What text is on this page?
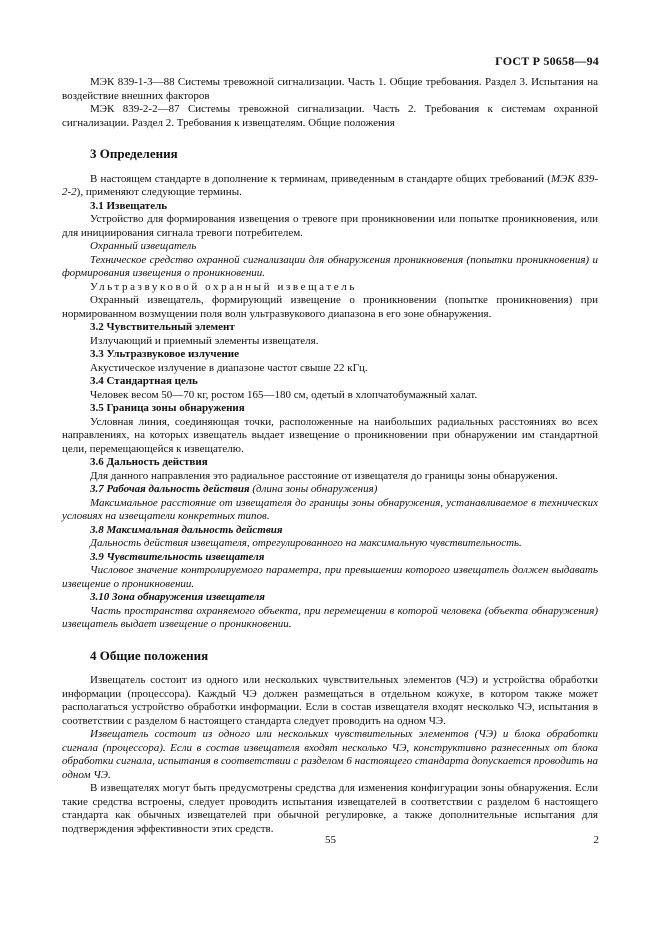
ГОСТ Р 50658—94

МЭК 839-1-3—88 Системы тревожной сигнализации. Часть 1. Общие требования. Раздел 3. Испытания на воздействие внешних факторов

МЭК 839-2-2—87 Системы тревожной сигнализации. Часть 2. Требования к системам охранной сигнализации. Раздел 2. Требования к извещателям. Общие положения

3 Определения

В настоящем стандарте в дополнение к терминам, приведенным в стандарте общих требований (МЭК 839-2-2), применяют следующие термины.

3.1 Извещатель

Устройство для формирования извещения о тревоге при проникновении или попытке проникновения, или для инициирования сигнала тревоги потребителем.

Охранный извещатель

Техническое средство охранной сигнализации для обнаружения проникновения (попытки проникновения) и формирования извещения о проникновении.

Ультразвуковой охранный извещатель

Охранный извещатель, формирующий извещение о проникновении (попытке проникновения) при нормированном возмущении поля волн ультразвукового диапазона в его зоне обнаружения.

3.2 Чувствительный элемент

Излучающий и приемный элементы извещателя.

3.3 Ультразвуковое излучение

Акустическое излучение в диапазоне частот свыше 22 кГц.

3.4 Стандартная цель

Человек весом 50—70 кг, ростом 165—180 см, одетый в хлопчатобумажный халат.

3.5 Граница зоны обнаружения

Условная линия, соединяющая точки, расположенные на наибольших радиальных расстояниях во всех направлениях, на которых извещатель выдает извещение о проникновении при обнаружении им стандартной цели, перемещающейся к извещателю.

3.6 Дальность действия

Для данного направления это радиальное расстояние от извещателя до границы зоны обнаружения.

3.7 Рабочая дальность действия (длина зоны обнаружения)

Максимальное расстояние от извещателя до границы зоны обнаружения, устанавливаемое в технических условиях на извещатели конкретных типов.

3.8 Максимальная дальность действия

Дальность действия извещателя, отрегулированного на максимальную чувствительность.

3.9 Чувствительность извещателя

Числовое значение контролируемого параметра, при превышении которого извещатель должен выдавать извещение о проникновении.

3.10 Зона обнаружения извещателя

Часть пространства охраняемого объекта, при перемещении в которой человека (объекта обнаружения) извещатель выдает извещение о проникновении.

4 Общие положения

Извещатель состоит из одного или нескольких чувствительных элементов (ЧЭ) и устройства обработки информации (процессора). Каждый ЧЭ должен размещаться в отдельном кожухе, в котором также может располагаться устройство обработки информации. Если в состав извещателя входят несколько ЧЭ, испытания в соответствии с разделом 6 настоящего стандарта следует проводить на одном ЧЭ.

Извещатель состоит из одного или нескольких чувствительных элементов (ЧЭ) и блока обработки сигнала (процессора). Если в состав извещателя входят несколько ЧЭ, конструктивно разнесенных от блока обработки сигнала, испытания в соответствии с разделом 6 настоящего стандарта допускается проводить на одном ЧЭ.

В извещателях могут быть предусмотрены средства для изменения конфигурации зоны обнаружения. Если такие средства встроены, следует проводить испытания извещателей в соответствии с разделом 6 настоящего стандарта как обычных извещателей при обычной регулировке, а также дополнительные испытания для подтверждения эффективности этих средств.

55	2
